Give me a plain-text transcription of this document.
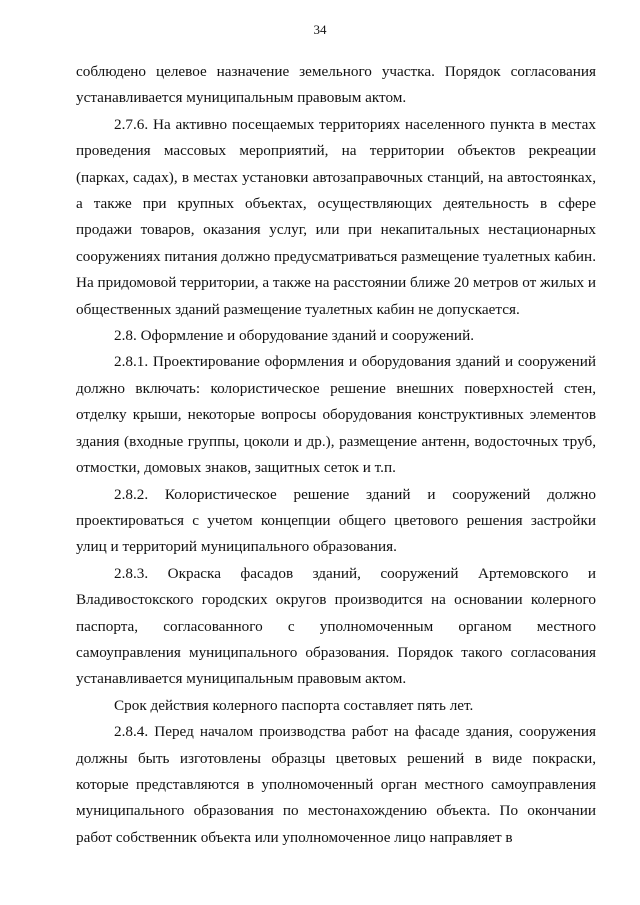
34

соблюдено целевое назначение земельного участка. Порядок согласования устанавливается муниципальным правовым актом.

2.7.6. На активно посещаемых территориях населенного пункта в местах проведения массовых мероприятий, на территории объектов рекреации (парках, садах), в местах установки автозаправочных станций, на автостоянках, а также при крупных объектах, осуществляющих деятельность в сфере продажи товаров, оказания услуг, или при некапитальных нестационарных сооружениях питания должно предусматриваться размещение туалетных кабин. На придомовой территории, а также на расстоянии ближе 20 метров от жилых и общественных зданий размещение туалетных кабин не допускается.

2.8. Оформление и оборудование зданий и сооружений.

2.8.1. Проектирование оформления и оборудования зданий и сооружений должно включать: колористическое решение внешних поверхностей стен, отделку крыши, некоторые вопросы оборудования конструктивных элементов здания (входные группы, цоколи и др.), размещение антенн, водосточных труб, отмостки, домовых знаков, защитных сеток и т.п.

2.8.2. Колористическое решение зданий и сооружений должно проектироваться с учетом концепции общего цветового решения застройки улиц и территорий муниципального образования.

2.8.3. Окраска фасадов зданий, сооружений Артемовского и Владивостокского городских округов производится на основании колерного паспорта, согласованного с уполномоченным органом местного самоуправления муниципального образования. Порядок такого согласования устанавливается муниципальным правовым актом.

Срок действия колерного паспорта составляет пять лет.

2.8.4. Перед началом производства работ на фасаде здания, сооружения должны быть изготовлены образцы цветовых решений в виде покраски, которые представляются в уполномоченный орган местного самоуправления муниципального образования по местонахождению объекта. По окончании работ собственник объекта или уполномоченное лицо направляет в
